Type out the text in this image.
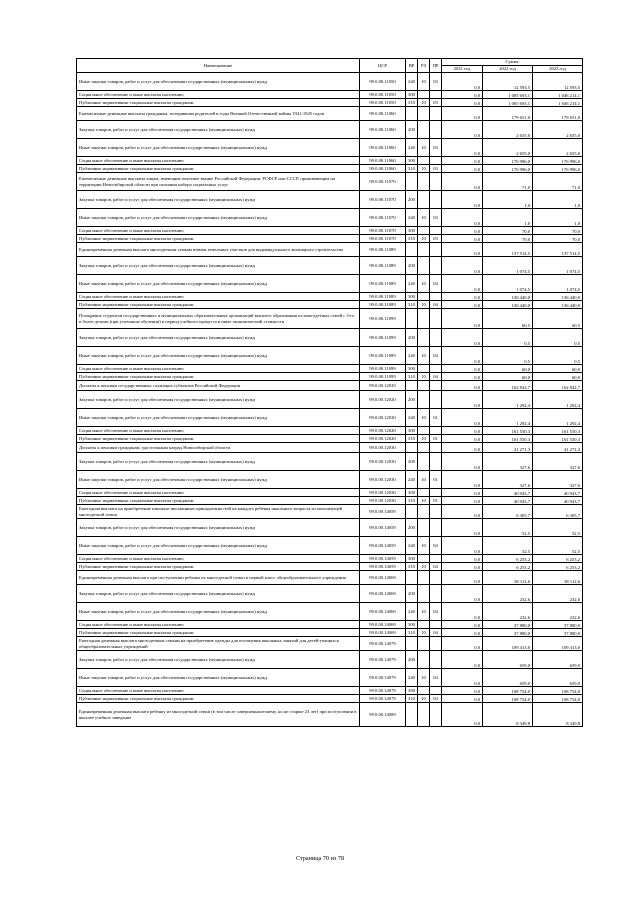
Наименование	ЦСР	ВР	РЗ	ПР	Сумма		
					2021 год	2022 год	2023 год
Иные закупки товаров, работ и услуг для обеспечения государственных (муниципальных) нужд	99.0.00.11050	240	10	03	0,0	12 593,5	12 593,5
Социальное обеспечение и иные выплаты населению	99.0.00.11050	300			0,0	1 005 693,1	1 046 214,1
Публичные нормативные социальные выплаты гражданам	99.0.00.11050	310	10	03	0,0	1 005 693,1	1 046 214,1
Ежемесячные денежные выплаты гражданам, потерявшим родителей в годы Великой Отечественной войны 1941-1945 годов	99.0.00.11060				0,0	179 651,0	179 651,0
Закупка товаров, работ и услуг для обеспечения государственных (муниципальных) нужд	99.0.00.11060	200			0,0	2 655,0	2 655,0
Иные закупки товаров, работ и услуг для обеспечения государственных (муниципальных) нужд	99.0.00.11060	240	10	03	0,0	2 655,0	2 655,0
Социальное обеспечение и иные выплаты населению	99.0.00.11060	300			0,0	176 996,0	176 996,0
Публичные нормативные социальные выплаты гражданам	99.0.00.11060	310	10	03	0,0	176 996,0	176 996,0
Ежемесячные денежные выплаты лицам, имеющим почетное звание Российской Федерации, РСФСР или СССР, проживающим на территории Новосибирской области при оказании набора социальных услуг	99.0.00.11070				0,0	71,0	71,0
Закупка товаров, работ и услуг для обеспечения государственных (муниципальных) нужд	99.0.00.11070	200			0,0	1,0	1,0
Иные закупки товаров, работ и услуг для обеспечения государственных (муниципальных) нужд	99.0.00.11070	240	10	03	0,0	1,0	1,0
Социальное обеспечение и иные выплаты населению	99.0.00.11070	300			0,0	70,0	70,0
Публичные нормативные социальные выплаты гражданам	99.0.00.11070	310	10	03	0,0	70,0	70,0
Единовременная денежная выплата многодетным семьям взамен земельных участков для индивидуального жилищного строительства	99.0.00.11089				0,0	137 514,5	137 514,5
Закупка товаров, работ и услуг для обеспечения государственных (муниципальных) нужд	99.0.00.11089	200			0,0	1 074,5	1 074,5
Иные закупки товаров, работ и услуг для обеспечения государственных (муниципальных) нужд	99.0.00.11089	240	10	04	0,0	1 074,5	1 074,5
Социальное обеспечение и иные выплаты населению	99.0.00.11089	300			0,0	136 440,0	136 440,0
Публичные нормативные социальные выплаты гражданам	99.0.00.11089	310	10	04	0,0	136 440,0	136 440,0
Поощрение студентов государственных и муниципальных образовательных организаций высшего образования из многодетных семей с 3-го и более детьми (при успешном обучении) в период учебного процесса в иные экономический стоимости	99.0.00.11099				0,0	60,5	60,5
Закупка товаров, работ и услуг для обеспечения государственных (муниципальных) нужд	99.0.00.11099	200			0,0	0,5	0,5
Иные закупки товаров, работ и услуг для обеспечения государственных (муниципальных) нужд	99.0.00.11099	240	10	04	0,0	0,5	0,5
Социальное обеспечение и иные выплаты населению	99.0.00.11099	300			0,0	60,0	60,0
Публичные нормативные социальные выплаты гражданам	99.0.00.11099	310	10	04	0,0	60,0	60,0
Доплаты к пенсиям государственных служащих субъектов Российской Федерации	99.0.00.12020				0,0	162 842,7	162 842,7
Закупка товаров, работ и услуг для обеспечения государственных (муниципальных) нужд	99.0.00.12020	200			0,0	1 292,4	1 292,4
Иные закупки товаров, работ и услуг для обеспечения государственных (муниципальных) нужд	99.0.00.12020	240	10	01	0,0	1 292,4	1 292,4
Социальное обеспечение и иные выплаты населению	99.0.00.12020	300			0,0	161 550,3	161 550,3
Публичные нормативные социальные выплаты гражданам	99.0.00.12020	310	10	01	0,0	161 550,3	161 550,3
Доплаты к пенсиям гражданам, удостоенным наград Новосибирской области	99.0.00.12030				0,0	41 271,3	41 271,3
Закупка товаров, работ и услуг для обеспечения государственных (муниципальных) нужд	99.0.00.12030	200			0,0	327,6	327,6
Иные закупки товаров, работ и услуг для обеспечения государственных (муниципальных) нужд	99.0.00.12030	240	10	01	0,0	327,6	327,6
Социальное обеспечение и иные выплаты населению	99.0.00.12030	300			0,0	40 943,7	40 943,7
Публичные нормативные социальные выплаты гражданам	99.0.00.12030	310	10	01	0,0	40 943,7	40 943,7
Ежегодная выплата на приобретение школьно-письменных принадлежностей на каждого ребенка школьного возраста из малоимущей многодетной семьи	99.0.00.14059				0,0	6 305,7	6 305,7
Закупка товаров, работ и услуг для обеспечения государственных (муниципальных) нужд	99.0.00.14059	200			0,0	52,5	52,5
Иные закупки товаров, работ и услуг для обеспечения государственных (муниципальных) нужд	99.0.00.14059	240	10	04	0,0	52,5	52,5
Социальное обеспечение и иные выплаты населению	99.0.00.14059	300			0,0	6 253,2	6 253,2
Публичные нормативные социальные выплаты гражданам	99.0.00.14059	310	10	04	0,0	6 253,2	6 253,2
Единовременная денежная выплата при поступлении ребенка из многодетной семьи в первый класс общеобразовательного учреждения	99.0.00.14069				0,0	38 112,6	38 112,6
Закупка товаров, работ и услуг для обеспечения государственных (муниципальных) нужд	99.0.00.14069	200			0,0	232,6	232,6
Иные закупки товаров, работ и услуг для обеспечения государственных (муниципальных) нужд	99.0.00.14069	240	10	04	0,0	232,6	232,6
Социальное обеспечение и иные выплаты населению	99.0.00.14069	300			0,0	37 880,0	37 880,0
Публичные нормативные социальные выплаты гражданам	99.0.00.14069	310	10	04	0,0	37 880,0	37 880,0
Ежегодная денежная выплата многодетным семьям на приобретение одежды для посещения школьных занятий для детей-учащихся общеобразовательных учреждений	99.0.00.14079				0,0	109 413,0	109 413,0
Закупка товаров, работ и услуг для обеспечения государственных (муниципальных) нужд	99.0.00.14079	200			0,0	659,0	659,0
Иные закупки товаров, работ и услуг для обеспечения государственных (муниципальных) нужд	99.0.00.14079	240	10	04	0,0	659,0	659,0
Социальное обеспечение и иные выплаты населению	99.0.00.14079	300			0,0	108 754,0	108 754,0
Публичные нормативные социальные выплаты гражданам	99.0.00.14079	310	10	04	0,0	108 754,0	108 754,0
Единовременная денежная выплата ребенку из многодетной семьи (в том числе совершеннолетнему, но не старше 23 лет) при поступлении в высшее учебное заведение	99.0.00.14089				0,0	8 349,8	8 349,8
Страница 70 из 78
